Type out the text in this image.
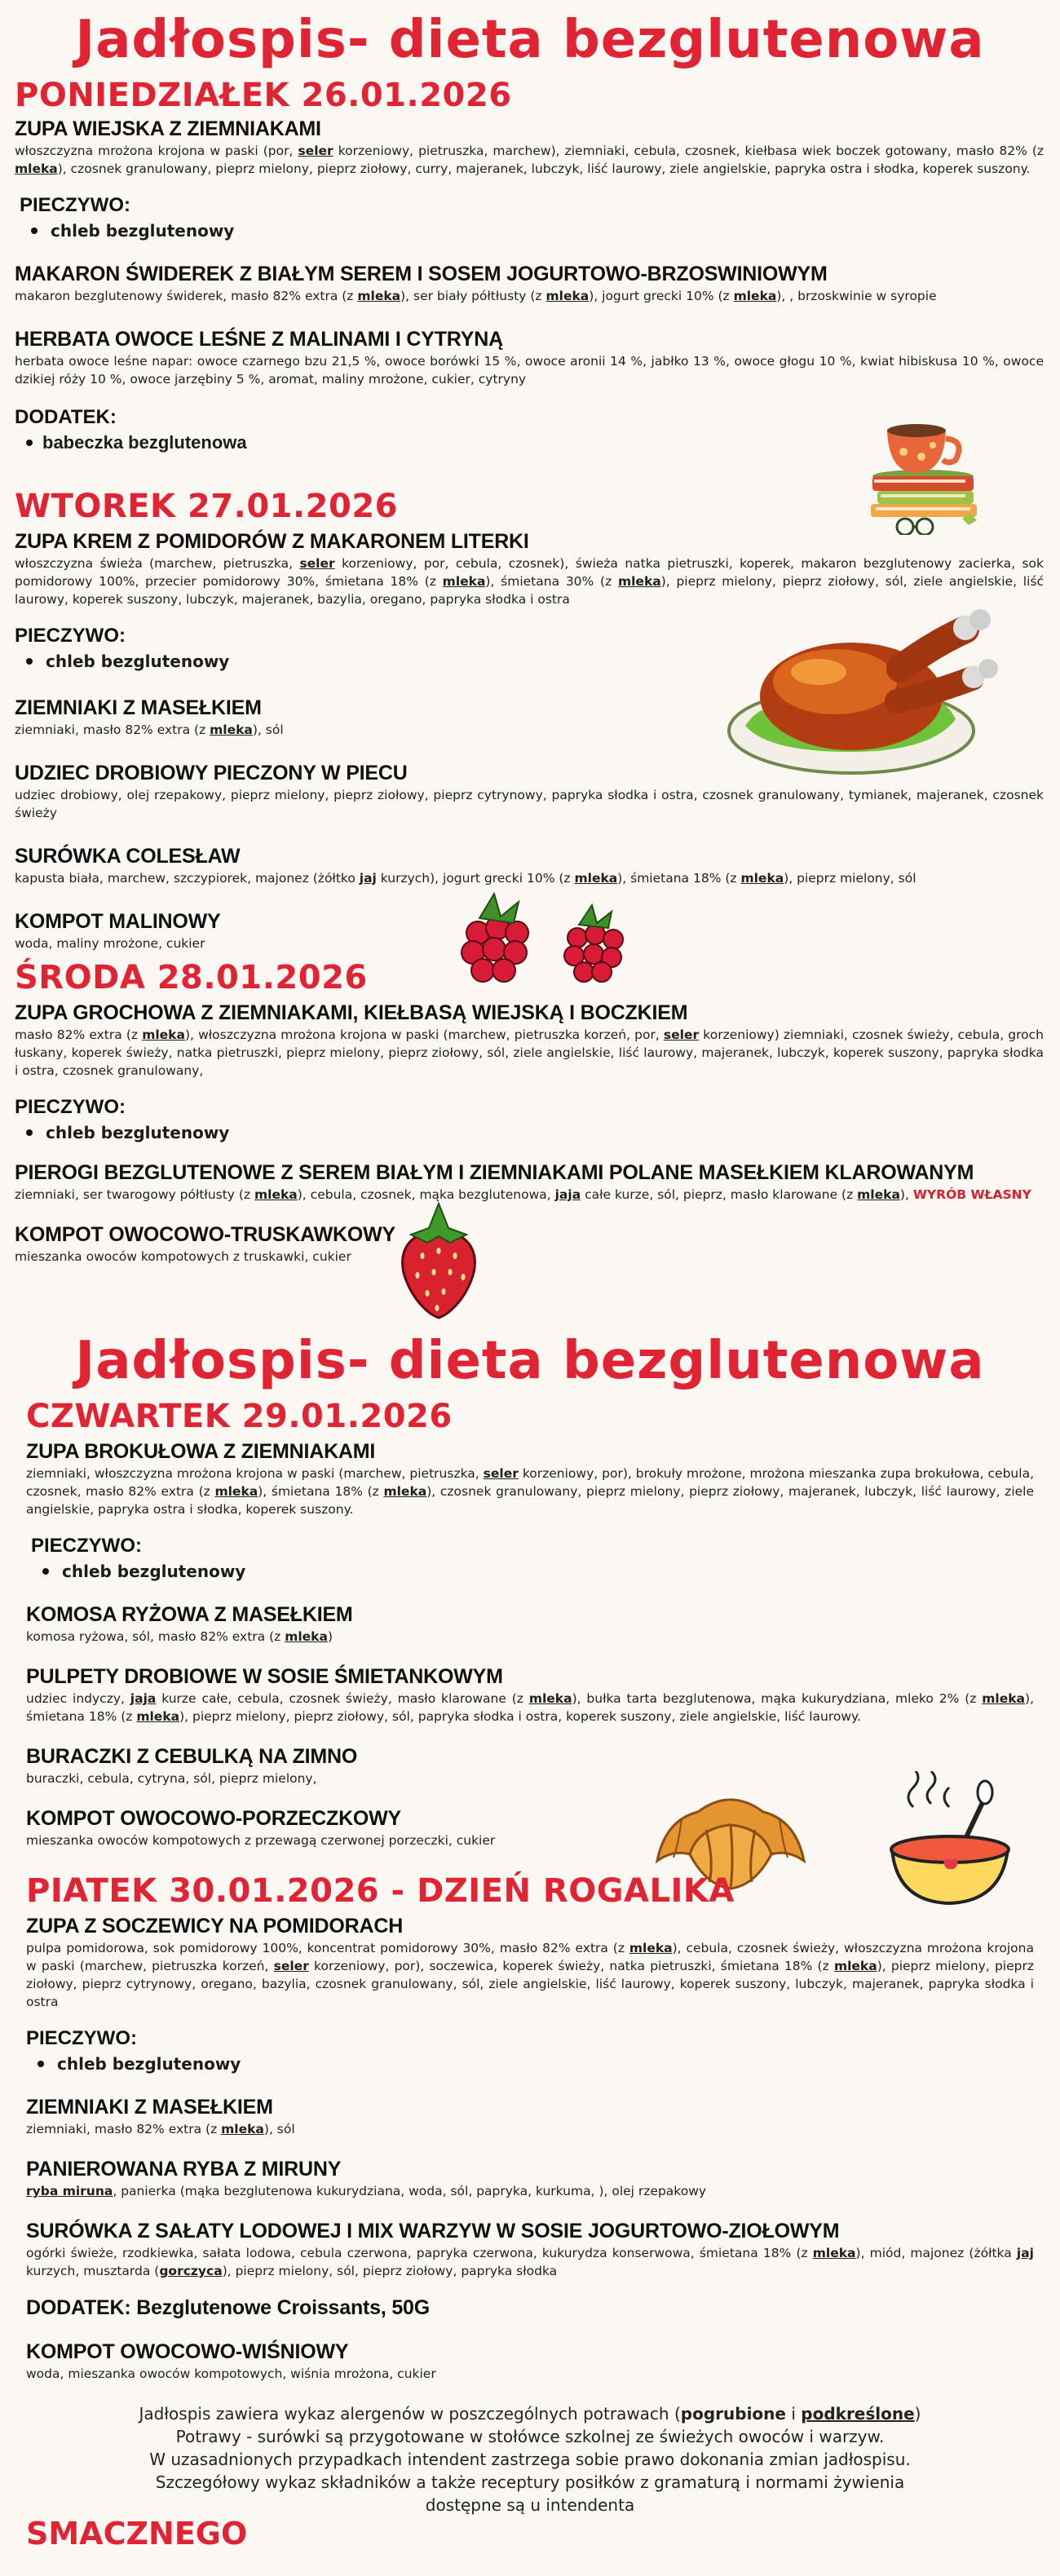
Jadłospis- dieta bezglutenowa
PONIEDZIAŁEK 26.01.2026
ZUPA WIEJSKA Z ZIEMNIAKAMI

włoszczyzna mrożona krojona w paski (por, seler korzeniowy, pietruszka, marchew), ziemniaki, cebula, czosnek, kiełbasa wiek boczek gotowany, masło 82% (z mleka), czosnek granulowany, pieprz mielony, pieprz ziołowy, curry, majeranek, lubczyk, liść laurowy, ziele angielskie, papryka ostra i słodka, koperek suszony.

PIECZYWO:
chleb bezglutenowy
MAKARON ŚWIDEREK Z BIAŁYM SEREM I SOSEM JOGURTOWO-BRZOSWINIOWYM

makaron bezglutenowy świderek, masło 82% extra (z mleka), ser biały półtłusty (z mleka), jogurt grecki 10% (z mleka), , brzoskwinie w syropie

HERBATA OWOCE LEŚNE Z MALINAMI I CYTRYNĄ

herbata owoce leśne napar: owoce czarnego bzu 21,5 %, owoce borówki 15 %, owoce aronii 14 %, jabłko 13 %, owoce głogu 10 %, kwiat hibiskusa 10 %, owoce dzikiej róży 10 %, owoce jarzębiny 5 %, aromat, maliny mrożone, cukier, cytryny

DODATEK:
babeczka bezglutenowa
WTOREK 27.01.2026
ZUPA KREM Z POMIDORÓW Z MAKARONEM LITERKI

włoszczyzna świeża (marchew, pietruszka, seler korzeniowy, por, cebula, czosnek), świeża natka pietruszki, koperek, makaron bezglutenowy zacierka, sok pomidorowy 100%, przecier pomidorowy 30%, śmietana 18% (z mleka), śmietana 30% (z mleka), pieprz mielony, pieprz ziołowy, sól, ziele angielskie, liść laurowy, koperek suszony, lubczyk, majeranek, bazylia, oregano, papryka słodka i ostra

PIECZYWO:
chleb bezglutenowy
ZIEMNIAKI Z MASEŁKIEM

ziemniaki, masło 82% extra (z mleka), sól

UDZIEC DROBIOWY PIECZONY W PIECU

udziec drobiowy, olej rzepakowy, pieprz mielony, pieprz ziołowy, pieprz cytrynowy, papryka słodka i ostra, czosnek granulowany, tymianek, majeranek, czosnek świeży

SURÓWKA COLESŁAW

kapusta biała, marchew, szczypiorek, majonez (żółtko jaj kurzych), jogurt grecki 10% (z mleka), śmietana 18% (z mleka), pieprz mielony, sól

KOMPOT MALINOWY

woda, maliny mrożone, cukier

ŚRODA 28.01.2026
ZUPA GROCHOWA Z ZIEMNIAKAMI, KIEŁBASĄ WIEJSKĄ I BOCZKIEM

masło 82% extra (z mleka), włoszczyzna mrożona krojona w paski (marchew, pietruszka korzeń, por, seler korzeniowy) ziemniaki, czosnek świeży, cebula, groch łuskany, koperek świeży, natka pietruszki, pieprz mielony, pieprz ziołowy, sól, ziele angielskie, liść laurowy, majeranek, lubczyk, koperek suszony, papryka słodka i ostra, czosnek granulowany,

PIECZYWO:
chleb bezglutenowy
PIEROGI BEZGLUTENOWE Z SEREM BIAŁYM I ZIEMNIAKAMI POLANE MASEŁKIEM KLAROWANYM

ziemniaki, ser twarogowy półtłusty (z mleka), cebula, czosnek, mąka bezglutenowa, jaja całe kurze, sól, pieprz, masło klarowane (z mleka), WYRÓB WŁASNY

KOMPOT OWOCOWO-TRUSKAWKOWY

mieszanka owoców kompotowych z truskawki, cukier

Jadłospis- dieta bezglutenowa
CZWARTEK 29.01.2026
ZUPA BROKUŁOWA Z ZIEMNIAKAMI

ziemniaki, włoszczyzna mrożona krojona w paski (marchew, pietruszka, seler korzeniowy, por), brokuły mrożone, mrożona mieszanka zupa brokułowa, cebula, czosnek, masło 82% extra (z mleka), śmietana 18% (z mleka), czosnek granulowany, pieprz mielony, pieprz ziołowy, majeranek, lubczyk, liść laurowy, ziele angielskie, papryka ostra i słodka, koperek suszony.

PIECZYWO:
chleb bezglutenowy
KOMOSA RYŻOWA Z MASEŁKIEM

komosa ryżowa, sól, masło 82% extra (z mleka)

PULPETY DROBIOWE W SOSIE ŚMIETANKOWYM

udziec indyczy, jaja kurze całe, cebula, czosnek świeży, masło klarowane (z mleka), bułka tarta bezglutenowa, mąka kukurydziana, mleko 2% (z mleka), śmietana 18% (z mleka), pieprz mielony, pieprz ziołowy, sól, papryka słodka i ostra, koperek suszony, ziele angielskie, liść laurowy.

BURACZKI Z CEBULKĄ NA ZIMNO

buraczki, cebula, cytryna, sól, pieprz mielony,

KOMPOT OWOCOWO-PORZECZKOWY

mieszanka owoców kompotowych z przewagą czerwonej porzeczki, cukier

PIATEK 30.01.2026 - DZIEŃ ROGALIKA
ZUPA Z SOCZEWICY NA POMIDORACH

pulpa pomidorowa, sok pomidorowy 100%, koncentrat pomidorowy 30%, masło 82% extra (z mleka), cebula, czosnek świeży, włoszczyzna mrożona krojona w paski (marchew, pietruszka korzeń, seler korzeniowy, por), soczewica, koperek świeży, natka pietruszki, śmietana 18% (z mleka), pieprz mielony, pieprz ziołowy, pieprz cytrynowy, oregano, bazylia, czosnek granulowany, sól, ziele angielskie, liść laurowy, koperek suszony, lubczyk, majeranek, papryka słodka i ostra

PIECZYWO:
chleb bezglutenowy
ZIEMNIAKI Z MASEŁKIEM

ziemniaki, masło 82% extra (z mleka), sól

PANIEROWANA RYBA Z MIRUNY

ryba miruna, panierka (mąka bezglutenowa kukurydziana, woda, sól, papryka, kurkuma, ), olej rzepakowy

SURÓWKA Z SAŁATY LODOWEJ I MIX WARZYW W SOSIE JOGURTOWO-ZIOŁOWYM

ogórki świeże, rzodkiewka, sałata lodowa, cebula czerwona, papryka czerwona, kukurydza konserwowa, śmietana 18% (z mleka), miód, majonez (żółtka jaj kurzych, musztarda (gorczyca), pieprz mielony, sól, pieprz ziołowy, papryka słodka

DODATEK: Bezglutenowe Croissants, 50G
KOMPOT OWOCOWO-WIŚNIOWY

woda, mieszanka owoców kompotowych, wiśnia mrożona, cukier

Jadłospis zawiera wykaz alergenów w poszczególnych potrawach (pogrubione i podkreślone)
Potrawy - surówki są przygotowane w stołówce szkolnej ze świeżych owoców i warzyw.
W uzasadnionych przypadkach intendent zastrzega sobie prawo dokonania zmian jadłospisu.
Szczegółowy wykaz składników a także receptury posiłków z gramaturą i normami żywienia
dostępne są u intendenta
SMACZNEGO
